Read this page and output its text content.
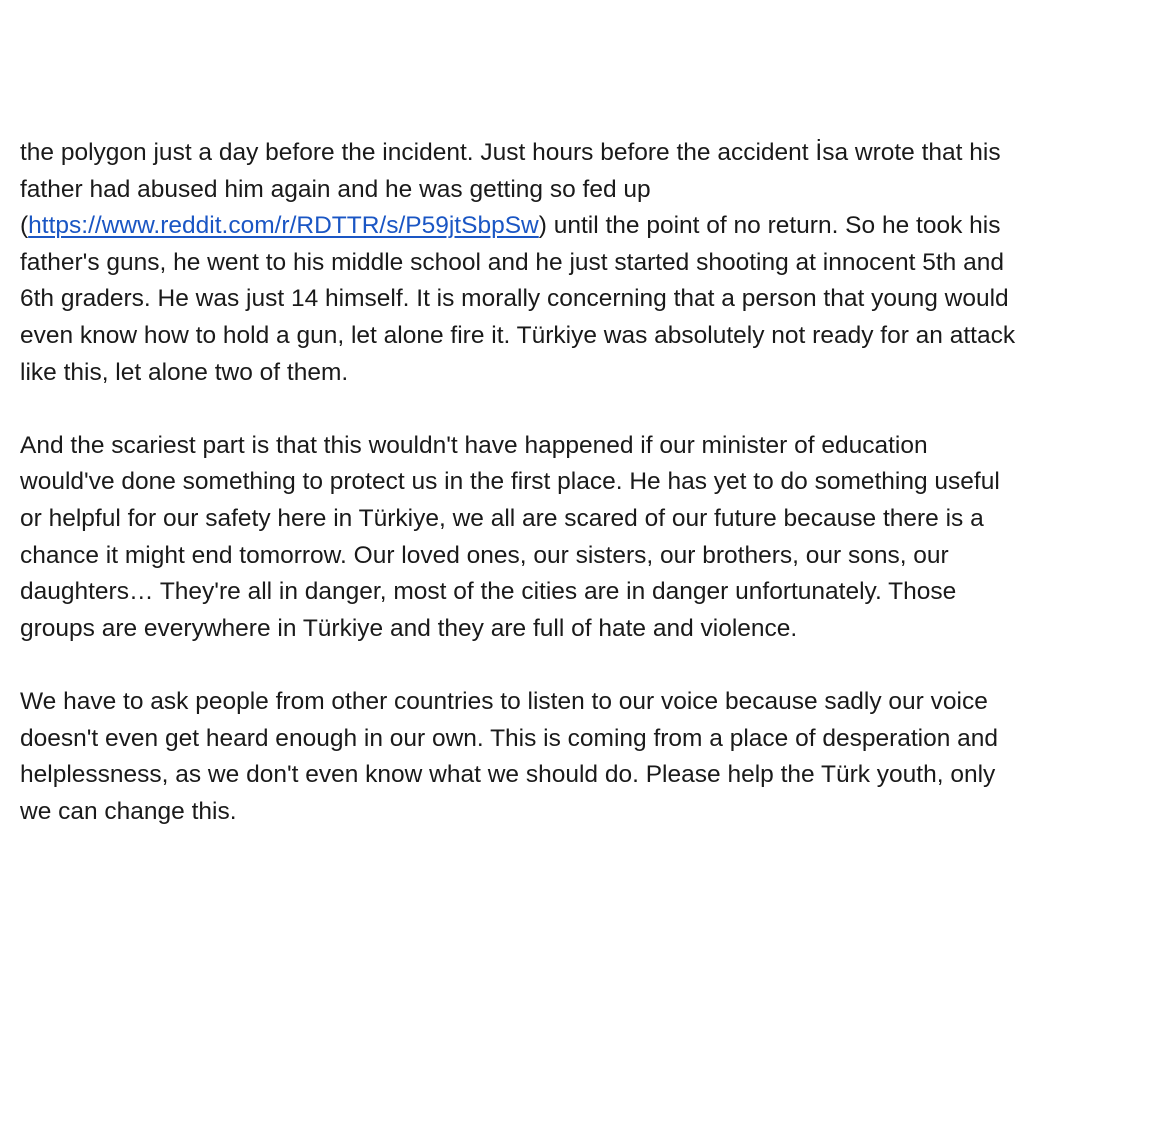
the polygon just a day before the incident. Just hours before the accident İsa wrote that his
father had abused him again and he was getting so fed up
(https://www.reddit.com/r/RDTTR/s/P59jtSbpSw) until the point of no return. So he took his
father's guns, he went to his middle school and he just started shooting at innocent 5th and
6th graders. He was just 14 himself. It is morally concerning that a person that young would
even know how to hold a gun, let alone fire it. Türkiye was absolutely not ready for an attack
like this, let alone two of them.
And the scariest part is that this wouldn't have happened if our minister of education
would've done something to protect us in the first place. He has yet to do something useful
or helpful for our safety here in Türkiye, we all are scared of our future because there is a
chance it might end tomorrow. Our loved ones, our sisters, our brothers, our sons, our
daughters… They're all in danger, most of the cities are in danger unfortunately. Those
groups are everywhere in Türkiye and they are full of hate and violence.
We have to ask people from other countries to listen to our voice because sadly our voice
doesn't even get heard enough in our own. This is coming from a place of desperation and
helplessness, as we don't even know what we should do. Please help the Türk youth, only
we can change this.
